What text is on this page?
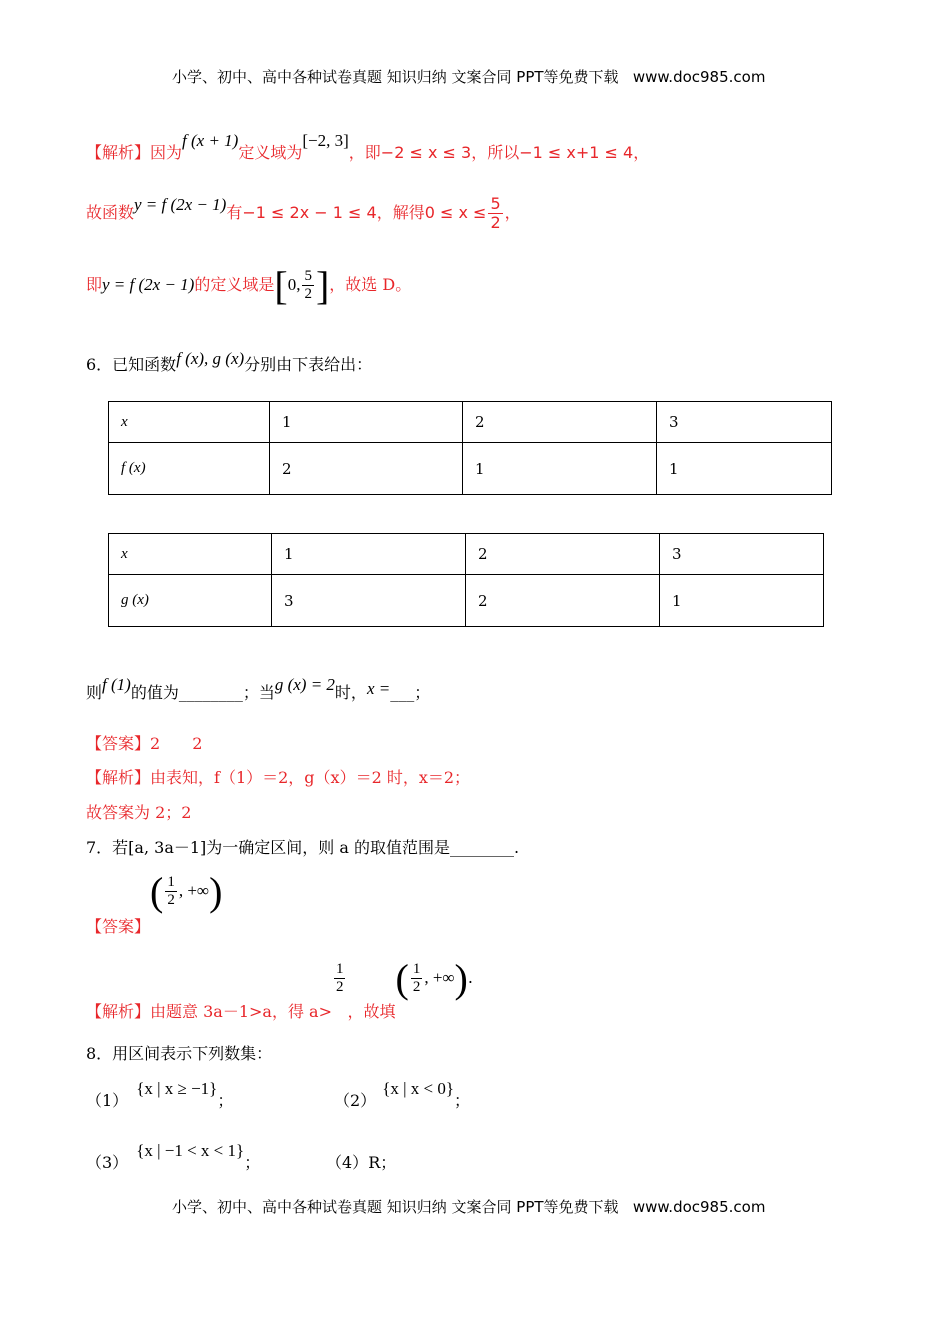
小学、初中、高中各种试卷真题 知识归纳 文案合同 PPT等免费下载 www.doc985.com
【解析】因为f (x + 1)定义域为[−2, 3]，即−2 ≤ x ≤ 3，所以−1 ≤ x+1 ≤ 4，
故函数y = f (2x − 1)有−1 ≤ 2x − 1 ≤ 4，解得$0 \le x \le \frac{5}{2}$ ，
即y = f (2x − 1)的定义域是[0, $\frac{5}{2}$ ]，故选 D。
6．已知函数f (x), g (x)分别由下表给出：
x	1	2	3
f (x)	2	1	1
x	1	2	3
g (x)	3	2	1
则f (1)的值为________；当g (x) = 2时，x =___；
【答案】2　　2
【解析】由表知，f（1）＝2，g（x）＝2 时，x＝2；
故答案为 2；2
7．若[a, 3a－1]为一确定区间，则 a 的取值范围是________.
【答案】( $\frac{1}{2}$ , +∞)
【解析】由题意 3a－1>a，得 a>
$\frac{1}{2}$
，故填( $\frac{1}{2}$ , +∞).
8．用区间表示下列数集：
（1）{x | x ≥ −1}；	（2）{x | x < 0}；
（3）{x | −1 < x < 1}；	（4）R；
小学、初中、高中各种试卷真题 知识归纳 文案合同 PPT等免费下载 www.doc985.com
